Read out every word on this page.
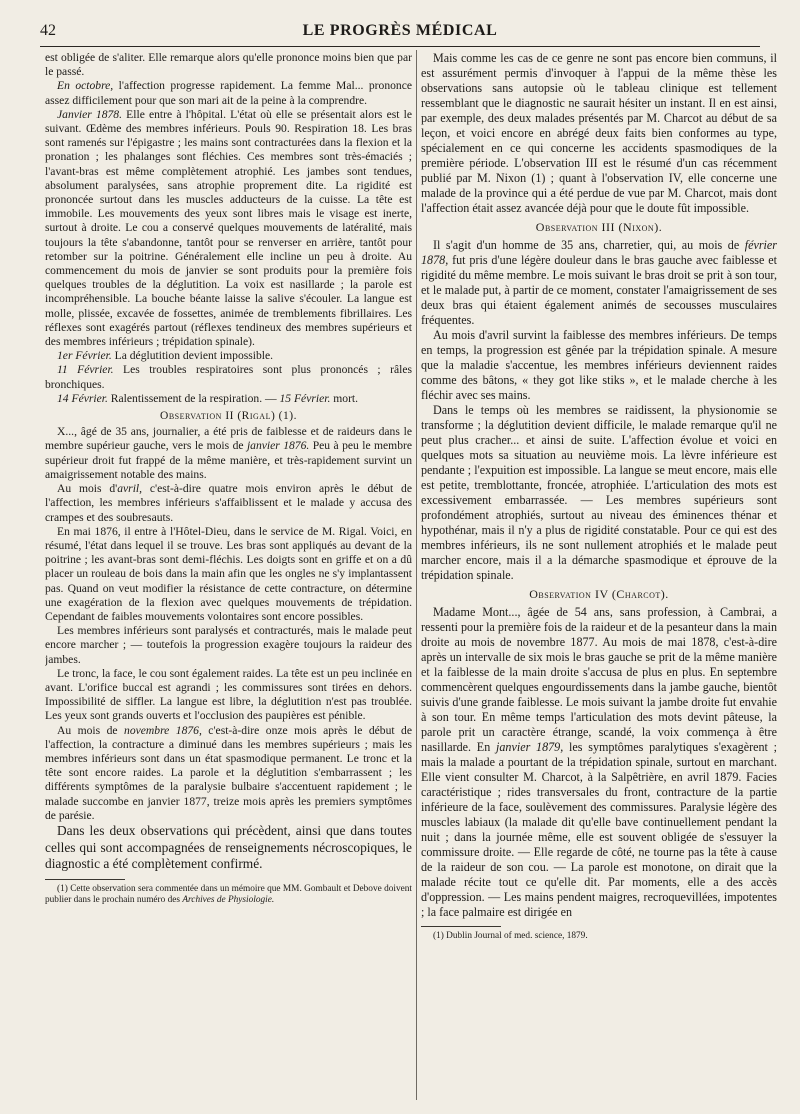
42	LE PROGRÈS MÉDICAL

est obligée de s'aliter. Elle remarque alors qu'elle prononce moins bien que par le passé.

En octobre, l'affection progresse rapidement. La femme Mal... prononce assez difficilement pour que son mari ait de la peine à la comprendre.

Janvier 1878. Elle entre à l'hôpital. L'état où elle se présentait alors est le suivant. Œdème des membres inférieurs. Pouls 90. Respiration 18. Les bras sont ramenés sur l'épigastre ; les mains sont contracturées dans la flexion et la pronation ; les phalanges sont fléchies. Ces membres sont très-émaciés ; l'avant-bras est même complètement atrophié. Les jambes sont tendues, absolument paralysées, sans atrophie proprement dite. La rigidité est prononcée surtout dans les muscles adducteurs de la cuisse. La tête est immobile. Les mouvements des yeux sont libres mais le visage est inerte, surtout à droite. Le cou a conservé quelques mouvements de latéralité, mais toujours la tête s'abandonne, tantôt pour se renverser en arrière, tantôt pour retomber sur la poitrine. Généralement elle incline un peu à droite. Au commencement du mois de janvier se sont produits pour la première fois quelques troubles de la déglutition. La voix est nasillarde ; la parole est incompréhensible. La bouche béante laisse la salive s'écouler. La langue est molle, plissée, excavée de fossettes, animée de tremblements fibrillaires. Les réflexes sont exagérés partout (réflexes tendineux des membres supérieurs et des membres inférieurs ; trépidation spinale).

1er Février. La déglutition devient impossible.

11 Février. Les troubles respiratoires sont plus prononcés ; râles bronchiques.

14 Février. Ralentissement de la respiration. — 15 Février. mort.

Observation II (Rigal) (1).

X..., âgé de 35 ans, journalier, a été pris de faiblesse et de raideurs dans le membre supérieur gauche, vers le mois de janvier 1876. Peu à peu le membre supérieur droit fut frappé de la même manière, et très-rapidement survint un amaigrissement notable des mains.

Au mois d'avril, c'est-à-dire quatre mois environ après le début de l'affection, les membres inférieurs s'affaiblissent et le malade y accusa des crampes et des soubresauts.

En mai 1876, il entre à l'Hôtel-Dieu, dans le service de M. Rigal. Voici, en résumé, l'état dans lequel il se trouve. Les bras sont appliqués au devant de la poitrine ; les avant-bras sont demi-fléchis. Les doigts sont en griffe et on a dû placer un rouleau de bois dans la main afin que les ongles ne s'y implantassent pas. Quand on veut modifier la résistance de cette contracture, on détermine une exagération de la flexion avec quelques mouvements de trépidation. Cependant de faibles mouvements volontaires sont encore possibles.

Les membres inférieurs sont paralysés et contracturés, mais le malade peut encore marcher ; — toutefois la progression exagère toujours la raideur des jambes.

Le tronc, la face, le cou sont également raides. La tête est un peu inclinée en avant. L'orifice buccal est agrandi ; les commissures sont tirées en dehors. Impossibilité de siffler. La langue est libre, la déglutition n'est pas troublée. Les yeux sont grands ouverts et l'occlusion des paupières est pénible.

Au mois de novembre 1876, c'est-à-dire onze mois après le début de l'affection, la contracture a diminué dans les membres supérieurs ; mais les membres inférieurs sont dans un état spasmodique permanent. Le tronc et la tête sont encore raides. La parole et la déglutition s'embarrassent ; les différents symptômes de la paralysie bulbaire s'accentuent rapidement ; le malade succombe en janvier 1877, treize mois après les premiers symptômes de parésie.

Dans les deux observations qui précèdent, ainsi que dans toutes celles qui sont accompagnées de renseignements nécroscopiques, le diagnostic a été complètement confirmé.

(1) Cette observation sera commentée dans un mémoire que MM. Gombault et Debove doivent publier dans le prochain numéro des Archives de Physiologie.

Mais comme les cas de ce genre ne sont pas encore bien communs, il est assurément permis d'invoquer à l'appui de la même thèse les observations sans autopsie où le tableau clinique est tellement ressemblant que le diagnostic ne saurait hésiter un instant. Il en est ainsi, par exemple, des deux malades présentés par M. Charcot au début de sa leçon, et voici encore en abrégé deux faits bien conformes au type, spécialement en ce qui concerne les accidents spasmodiques de la première période. L'observation III est le résumé d'un cas récemment publié par M. Nixon (1) ; quant à l'observation IV, elle concerne une malade de la province qui a été perdue de vue par M. Charcot, mais dont l'affection était assez avancée déjà pour que le doute fût impossible.

Observation III (Nixon).

Il s'agit d'un homme de 35 ans, charretier, qui, au mois de février 1878, fut pris d'une légère douleur dans le bras gauche avec faiblesse et rigidité du même membre. Le mois suivant le bras droit se prit à son tour, et le malade put, à partir de ce moment, constater l'amaigrissement de ses deux bras qui étaient également animés de secousses musculaires fréquentes.

Au mois d'avril survint la faiblesse des membres inférieurs. De temps en temps, la progression est gênée par la trépidation spinale. A mesure que la maladie s'accentue, les membres inférieurs deviennent raides comme des bâtons, « they got like stiks », et le malade cherche à les fléchir avec ses mains.

Dans le temps où les membres se raidissent, la physionomie se transforme ; la déglutition devient difficile, le malade remarque qu'il ne peut plus cracher... et ainsi de suite. L'affection évolue et voici en quelques mots sa situation au neuvième mois. La lèvre inférieure est pendante ; l'expuition est impossible. La langue se meut encore, mais elle est petite, tremblottante, froncée, atrophiée. L'articulation des mots est excessivement embarrassée. — Les membres supérieurs sont profondément atrophiés, surtout au niveau des éminences thénar et hypothénar, mais il n'y a plus de rigidité constatable. Pour ce qui est des membres inférieurs, ils ne sont nullement atrophiés et le malade peut marcher encore, mais il a la démarche spasmodique et éprouve de la trépidation spinale.

Observation IV (Charcot).

Madame Mont..., âgée de 54 ans, sans profession, à Cambrai, a ressenti pour la première fois de la raideur et de la pesanteur dans la main droite au mois de novembre 1877. Au mois de mai 1878, c'est-à-dire après un intervalle de six mois le bras gauche se prit de la même manière et la faiblesse de la main droite s'accusa de plus en plus. En septembre commencèrent quelques engourdissements dans la jambe gauche, bientôt suivis d'une grande faiblesse. Le mois suivant la jambe droite fut envahie à son tour. En même temps l'articulation des mots devint pâteuse, la parole prit un caractère étrange, scandé, la voix commença à être nasillarde. En janvier 1879, les symptômes paralytiques s'exagèrent ; mais la malade a pourtant de la trépidation spinale, surtout en marchant. Elle vient consulter M. Charcot, à la Salpêtrière, en avril 1879. Facies caractéristique ; rides transversales du front, contracture de la partie inférieure de la face, soulèvement des commissures. Paralysie légère des muscles labiaux (la malade dit qu'elle bave continuellement pendant la nuit ; dans la journée même, elle est souvent obligée de s'essuyer la commissure droite. — Elle regarde de côté, ne tourne pas la tête à cause de la raideur de son cou. — La parole est monotone, on dirait que la malade récite tout ce qu'elle dit. Par moments, elle a des accès d'oppression. — Les mains pendent maigres, recroquevillées, impotentes ; la face palmaire est dirigée en

(1) Dublin Journal of med. science, 1879.
